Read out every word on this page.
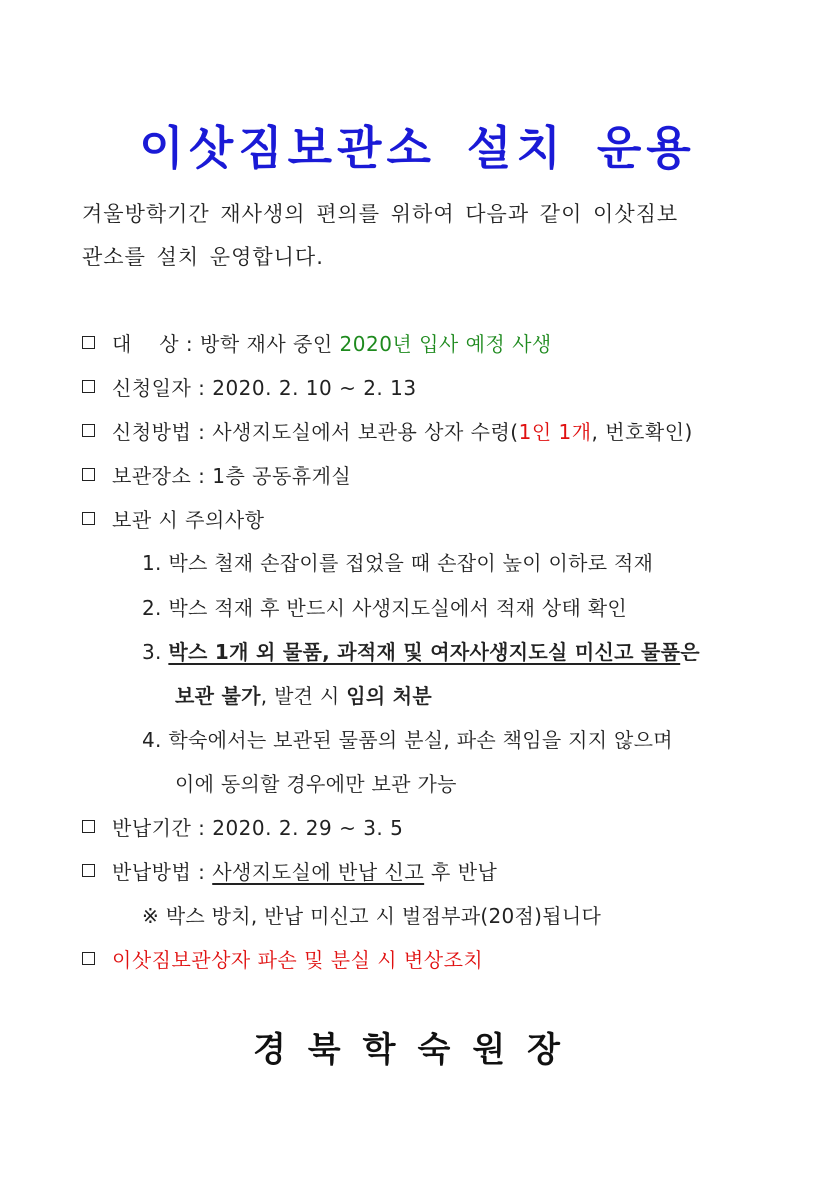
이삿짐보관소 설치 운용
겨울방학기간 재사생의 편의를 위하여 다음과 같이 이삿짐보
관소를 설치 운영합니다.
대    상 : 방학 재사 중인 2020년 입사 예정 사생
신청일자 : 2020. 2. 10 ~ 2. 13
신청방법 : 사생지도실에서 보관용 상자 수령(1인 1개, 번호확인)
보관장소 : 1층 공동휴게실
보관 시 주의사항
1. 박스 철재 손잡이를 접었을 때 손잡이 높이 이하로 적재
2. 박스 적재 후 반드시 사생지도실에서 적재 상태 확인
3. 박스 1개 외 물품, 과적재 및 여자사생지도실 미신고 물품은
보관 불가, 발견 시 임의 처분
4. 학숙에서는 보관된 물품의 분실, 파손 책임을 지지 않으며
이에 동의할 경우에만 보관 가능
반납기간 : 2020. 2. 29 ~ 3. 5
반납방법 : 사생지도실에 반납 신고 후 반납
※ 박스 방치, 반납 미신고 시 벌점부과(20점)됩니다
이삿짐보관상자 파손 및 분실 시 변상조치
경북학숙원장
